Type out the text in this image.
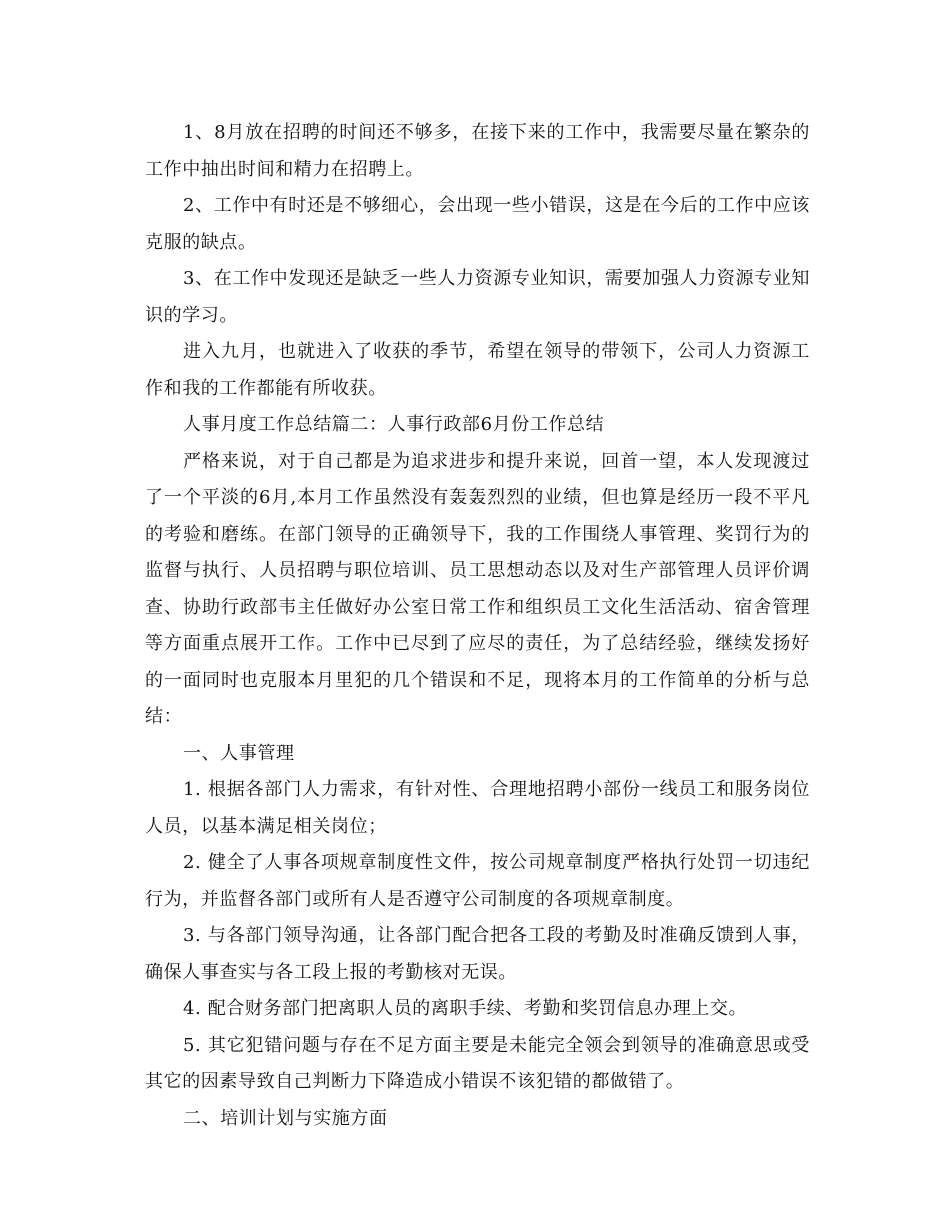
1、8月放在招聘的时间还不够多，在接下来的工作中，我需要尽量在繁杂的工作中抽出时间和精力在招聘上。

2、工作中有时还是不够细心，会出现一些小错误，这是在今后的工作中应该克服的缺点。

3、在工作中发现还是缺乏一些人力资源专业知识，需要加强人力资源专业知识的学习。

进入九月，也就进入了收获的季节，希望在领导的带领下，公司人力资源工作和我的工作都能有所收获。

人事月度工作总结篇二：人事行政部6月份工作总结

严格来说，对于自己都是为追求进步和提升来说，回首一望，本人发现渡过了一个平淡的6月,本月工作虽然没有轰轰烈烈的业绩，但也算是经历一段不平凡的考验和磨练。在部门领导的正确领导下，我的工作围绕人事管理、奖罚行为的监督与执行、人员招聘与职位培训、员工思想动态以及对生产部管理人员评价调查、协助行政部韦主任做好办公室日常工作和组织员工文化生活活动、宿舍管理等方面重点展开工作。工作中已尽到了应尽的责任，为了总结经验，继续发扬好的一面同时也克服本月里犯的几个错误和不足，现将本月的工作简单的分析与总结：

一、人事管理

1. 根据各部门人力需求，有针对性、合理地招聘小部份一线员工和服务岗位人员，以基本满足相关岗位；

2. 健全了人事各项规章制度性文件，按公司规章制度严格执行处罚一切违纪行为，并监督各部门或所有人是否遵守公司制度的各项规章制度。

3. 与各部门领导沟通，让各部门配合把各工段的考勤及时准确反馈到人事，确保人事查实与各工段上报的考勤核对无误。

4. 配合财务部门把离职人员的离职手续、考勤和奖罚信息办理上交。

5. 其它犯错问题与存在不足方面主要是未能完全领会到领导的准确意思或受其它的因素导致自己判断力下降造成小错误不该犯错的都做错了。

二、培训计划与实施方面
